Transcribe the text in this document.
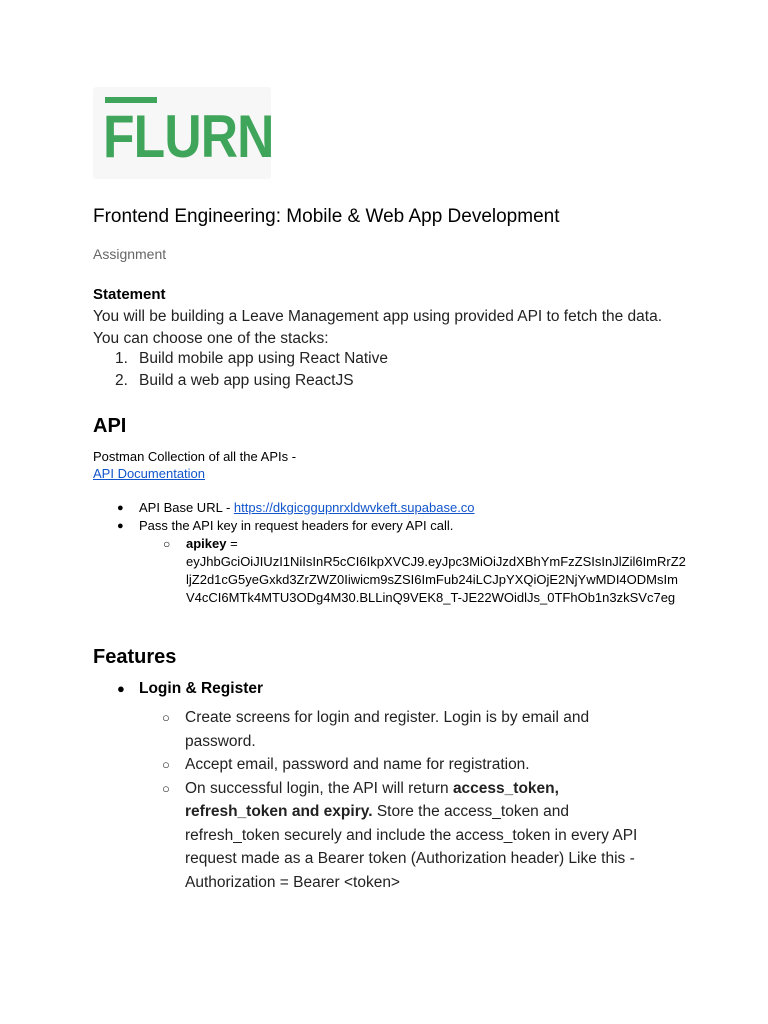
FLURN
Frontend Engineering: Mobile & Web App Development
Assignment
Statement
You will be building a Leave Management app using provided API to fetch the data. You can choose one of the stacks:
1. Build mobile app using React Native
2. Build a web app using ReactJS
API
Postman Collection of all the APIs -
API Documentation
● API Base URL - https://dkgicggupnrxldwvkeft.supabase.co
● Pass the API key in request headers for every API call.
○ apikey =
eyJhbGciOiJIUzI1NiIsInR5cCI6IkpXVCJ9.eyJpc3MiOiJzdXBhYmFzZSIsInJlZil6ImRrZ2ljZ2d1cG5yeGxkd3ZrZWZ0Iiwicm9sZSI6ImFub24iLCJpYXQiOjE2NjYwMDI4ODMsImV4cCI6MTk4MTU3ODg4M30.BLLinQ9VEK8_T-JE22WOidlJs_0TFhOb1n3zkSVc7eg
Features
● Login & Register
○ Create screens for login and register. Login is by email and password.
○ Accept email, password and name for registration.
○ On successful login, the API will return access_token, refresh_token and expiry. Store the access_token and refresh_token securely and include the access_token in every API request made as a Bearer token (Authorization header) Like this - Authorization = Bearer <token>
